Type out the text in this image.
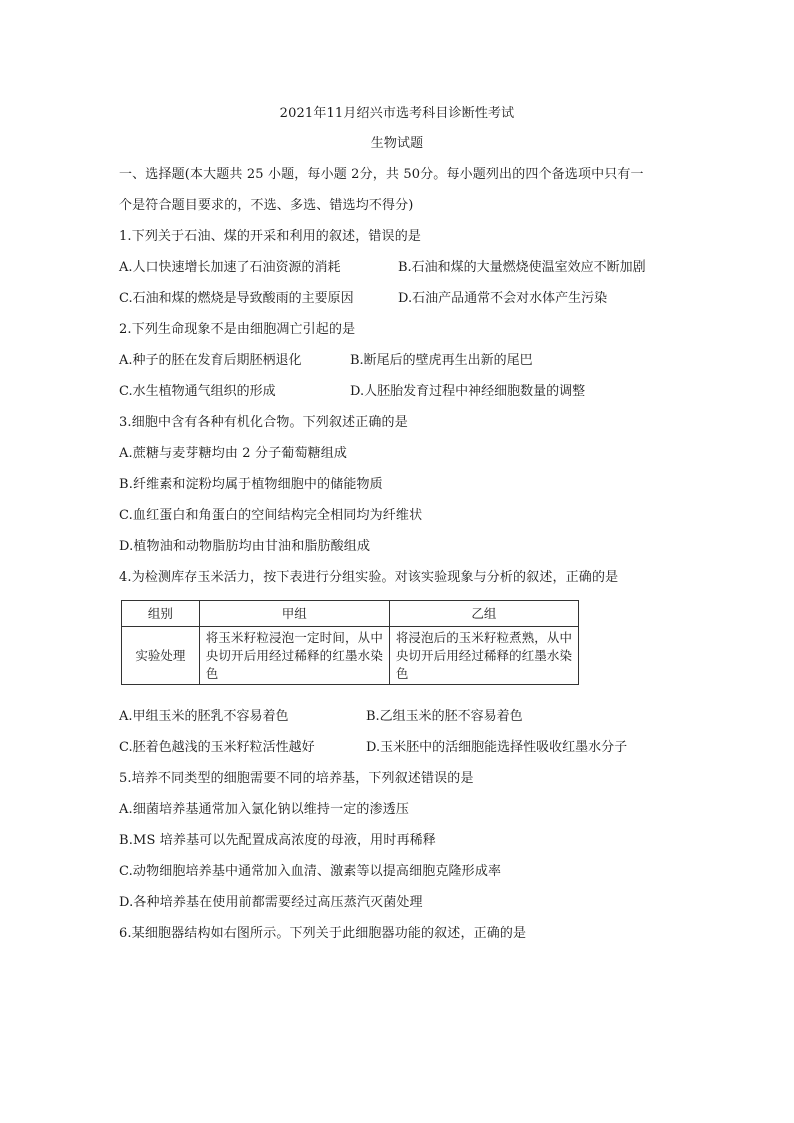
2021年11月绍兴市选考科目诊断性考试
生物试题
一、选择题(本大题共 25 小题，每小题 2分，共 50分。每小题列出的四个备选项中只有一
个是符合题目要求的，不选、多选、错选均不得分)
1.下列关于石油、煤的开采和利用的叙述，错误的是
A.人口快速增长加速了石油资源的消耗	B.石油和煤的大量燃烧使温室效应不断加剧
C.石油和煤的燃烧是导致酸雨的主要原因	D.石油产品通常不会对水体产生污染
2.下列生命现象不是由细胞凋亡引起的是
A.种子的胚在发育后期胚柄退化	B.断尾后的壁虎再生出新的尾巴
C.水生植物通气组织的形成	D.人胚胎发育过程中神经细胞数量的调整
3.细胞中含有各种有机化合物。下列叙述正确的是
A.蔗糖与麦芽糖均由 2 分子葡萄糖组成
B.纤维素和淀粉均属于植物细胞中的储能物质
C.血红蛋白和角蛋白的空间结构完全相同均为纤维状
D.植物油和动物脂肪均由甘油和脂肪酸组成
4.为检测库存玉米活力，按下表进行分组实验。对该实验现象与分析的叙述，正确的是
组别	甲组	乙组
实验处理	将玉米籽粒浸泡一定时间，从中央切开后用经过稀释的红墨水染色	将浸泡后的玉米籽粒煮熟，从中央切开后用经过稀释的红墨水染色
A.甲组玉米的胚乳不容易着色	B.乙组玉米的胚不容易着色
C.胚着色越浅的玉米籽粒活性越好	D.玉米胚中的活细胞能选择性吸收红墨水分子
5.培养不同类型的细胞需要不同的培养基，下列叙述错误的是
A.细菌培养基通常加入氯化钠以维持一定的渗透压
B.MS 培养基可以先配置成高浓度的母液，用时再稀释
C.动物细胞培养基中通常加入血清、激素等以提高细胞克隆形成率
D.各种培养基在使用前都需要经过高压蒸汽灭菌处理
6.某细胞器结构如右图所示。下列关于此细胞器功能的叙述，正确的是
